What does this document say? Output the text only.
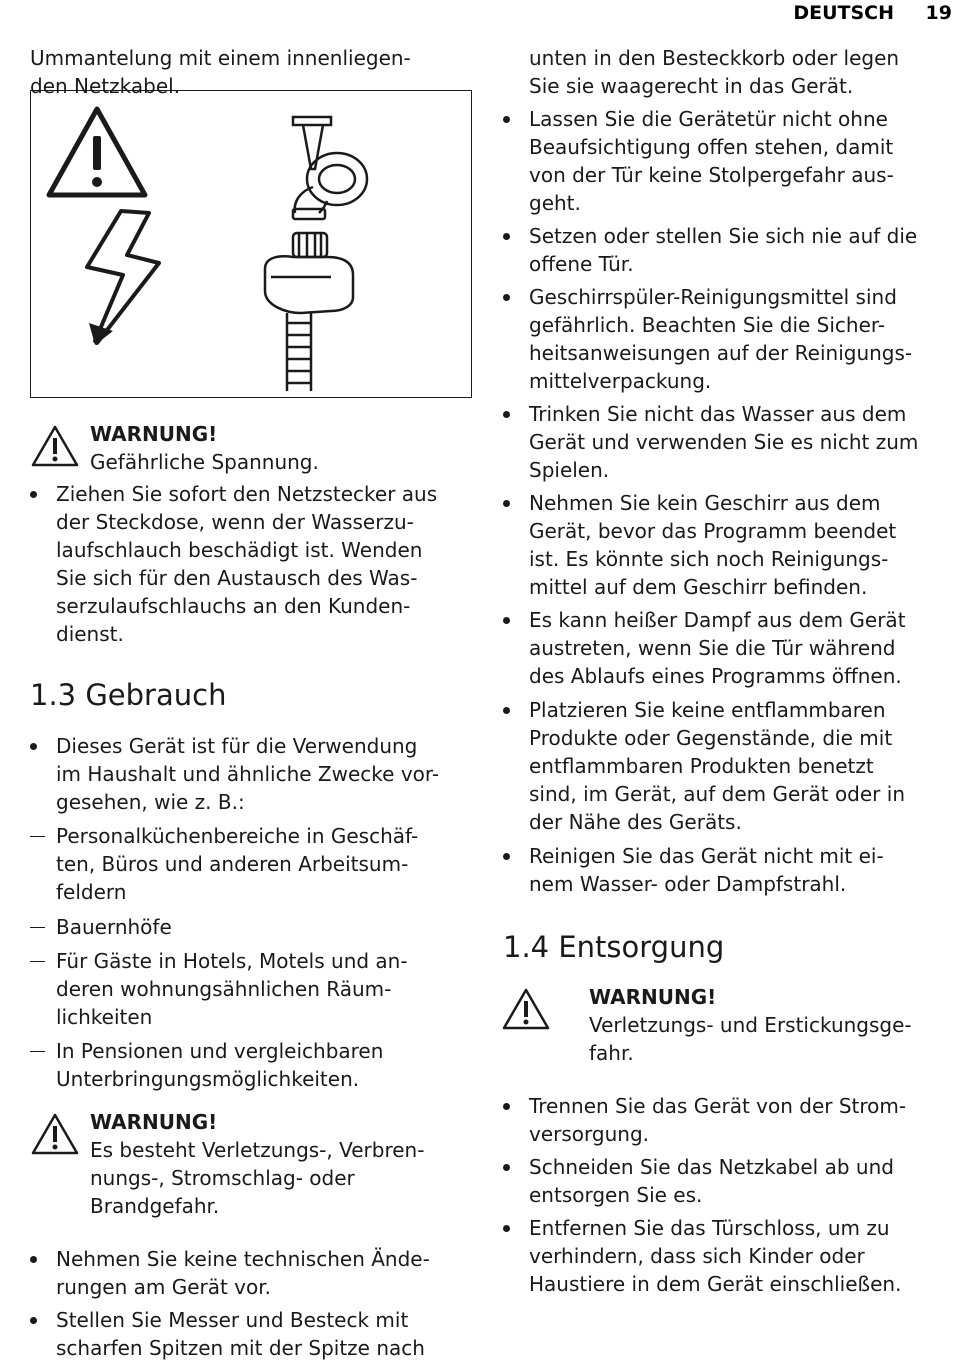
DEUTSCH 19
Ummantelung mit einem innenliegen-
den Netzkabel.
WARNUNG!
Gefährliche Spannung.
Ziehen Sie sofort den Netzstecker aus
der Steckdose, wenn der Wasserzu-
laufschlauch beschädigt ist. Wenden
Sie sich für den Austausch des Was-
serzulaufschlauchs an den Kunden-
dienst.
1.3 Gebrauch
Dieses Gerät ist für die Verwendung
im Haushalt und ähnliche Zwecke vor-
gesehen, wie z. B.:
Personalküchenbereiche in Geschäf-
ten, Büros und anderen Arbeitsum-
feldern
Bauernhöfe
Für Gäste in Hotels, Motels und an-
deren wohnungsähnlichen Räum-
lichkeiten
In Pensionen und vergleichbaren
Unterbringungsmöglichkeiten.
WARNUNG!
Es besteht Verletzungs-, Verbren-
nungs-, Stromschlag- oder
Brandgefahr.
Nehmen Sie keine technischen Ände-
rungen am Gerät vor.
Stellen Sie Messer und Besteck mit
scharfen Spitzen mit der Spitze nach
unten in den Besteckkorb oder legen
Sie sie waagerecht in das Gerät.
Lassen Sie die Gerätetür nicht ohne
Beaufsichtigung offen stehen, damit
von der Tür keine Stolpergefahr aus-
geht.
Setzen oder stellen Sie sich nie auf die
offene Tür.
Geschirrspüler-Reinigungsmittel sind
gefährlich. Beachten Sie die Sicher-
heitsanweisungen auf der Reinigungs-
mittelverpackung.
Trinken Sie nicht das Wasser aus dem
Gerät und verwenden Sie es nicht zum
Spielen.
Nehmen Sie kein Geschirr aus dem
Gerät, bevor das Programm beendet
ist. Es könnte sich noch Reinigungs-
mittel auf dem Geschirr befinden.
Es kann heißer Dampf aus dem Gerät
austreten, wenn Sie die Tür während
des Ablaufs eines Programms öffnen.
Platzieren Sie keine entflammbaren
Produkte oder Gegenstände, die mit
entflammbaren Produkten benetzt
sind, im Gerät, auf dem Gerät oder in
der Nähe des Geräts.
Reinigen Sie das Gerät nicht mit ei-
nem Wasser- oder Dampfstrahl.
1.4 Entsorgung
WARNUNG!
Verletzungs- und Erstickungsge-
fahr.
Trennen Sie das Gerät von der Strom-
versorgung.
Schneiden Sie das Netzkabel ab und
entsorgen Sie es.
Entfernen Sie das Türschloss, um zu
verhindern, dass sich Kinder oder
Haustiere in dem Gerät einschließen.
